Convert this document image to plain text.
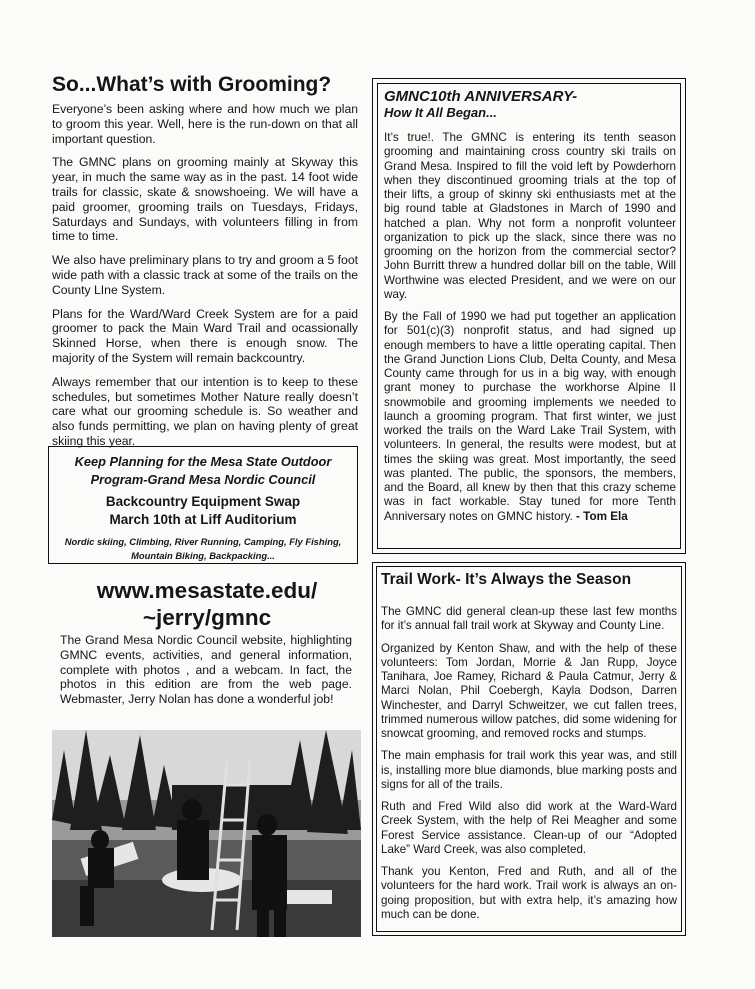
So...What’s with Grooming?

Everyone’s been asking where and how much we plan to groom this year. Well, here is the run-down on that all important question.

The GMNC plans on grooming mainly at Skyway this year, in much the same way as in the past. 14 foot wide trails for classic, skate & snowshoeing. We will have a paid groomer, grooming trails on Tuesdays, Fridays, Saturdays and Sundays, with volunteers filling in from time to time.

We also have preliminary plans to try and groom a 5 foot wide path with a classic track at some of the trails on the County LIne System.

Plans for the Ward/Ward Creek System are for a paid groomer to pack the Main Ward Trail and ocassionally Skinned Horse, when there is enough snow. The majority of the System will remain backcountry.

Always remember that our intention is to keep to these schedules, but sometimes Mother Nature really doesn’t care what our grooming schedule is. So weather and also funds permitting, we plan on having plenty of great skiing this year.

Keep Planning for the Mesa State Outdoor
Program-Grand Mesa Nordic Council
Backcountry Equipment Swap
March 10th at Liff Auditorium
Nordic skiing, Climbing, River Running, Camping, Fly Fishing,
Mountain Biking, Backpacking...
www.mesastate.edu/
~jerry/gmnc

The Grand Mesa Nordic Council website, highlighting GMNC events, activities, and general information, complete with photos , and a webcam. In fact, the photos in this edition are from the web page. Webmaster, Jerry Nolan has done a wonderful job!

GMNC10th ANNIVERSARY-
How It All Began...

It’s true!. The GMNC is entering its tenth season grooming and maintaining cross country ski trails on Grand Mesa. Inspired to fill the void left by Powderhorn when they discontinued grooming trials at the top of their lifts, a group of skinny ski enthusiasts met at the big round table at Gladstones in March of 1990 and hatched a plan. Why not form a nonprofit volunteer organization to pick up the slack, since there was no grooming on the horizon from the commercial sector? John Burritt threw a hundred dollar bill on the table, Will Worthwine was elected President, and we were on our way.

By the Fall of 1990 we had put together an application for 501(c)(3) nonprofit status, and had signed up enough members to have a little operating capital. Then the Grand Junction Lions Club, Delta County, and Mesa County came through for us in a big way, with enough grant money to purchase the workhorse Alpine II snowmobile and grooming implements we needed to launch a grooming program. That first winter, we just worked the trails on the Ward Lake Trail System, with volunteers. In general, the results were modest, but at times the skiing was great. Most importantly, the seed was planted. The public, the sponsors, the members, and the Board, all knew by then that this crazy scheme was in fact workable. Stay tuned for more Tenth Anniversary notes on GMNC history. - Tom Ela

Trail Work- It’s Always the Season

The GMNC did general clean-up these last few months for it’s annual fall trail work at Skyway and County Line.

Organized by Kenton Shaw, and with the help of these volunteers: Tom Jordan, Morrie & Jan Rupp, Joyce Tanihara, Joe Ramey, Richard & Paula Catmur, Jerry & Marci Nolan, Phil Coebergh, Kayla Dodson, Darren Winchester, and Darryl Schweitzer, we cut fallen trees, trimmed numerous willow patches, did some widening for snowcat grooming, and removed rocks and stumps.

The main emphasis for trail work this year was, and still is, installing more blue diamonds, blue marking posts and signs for all of the trails.

Ruth and Fred Wild also did work at the Ward-Ward Creek System, with the help of Rei Meagher and some Forest Service assistance. Clean-up of our “Adopted Lake” Ward Creek, was also completed.

Thank you Kenton, Fred and Ruth, and all of the volunteers for the hard work. Trail work is always an on-going proposition, but with extra help, it’s amazing how much can be done.
